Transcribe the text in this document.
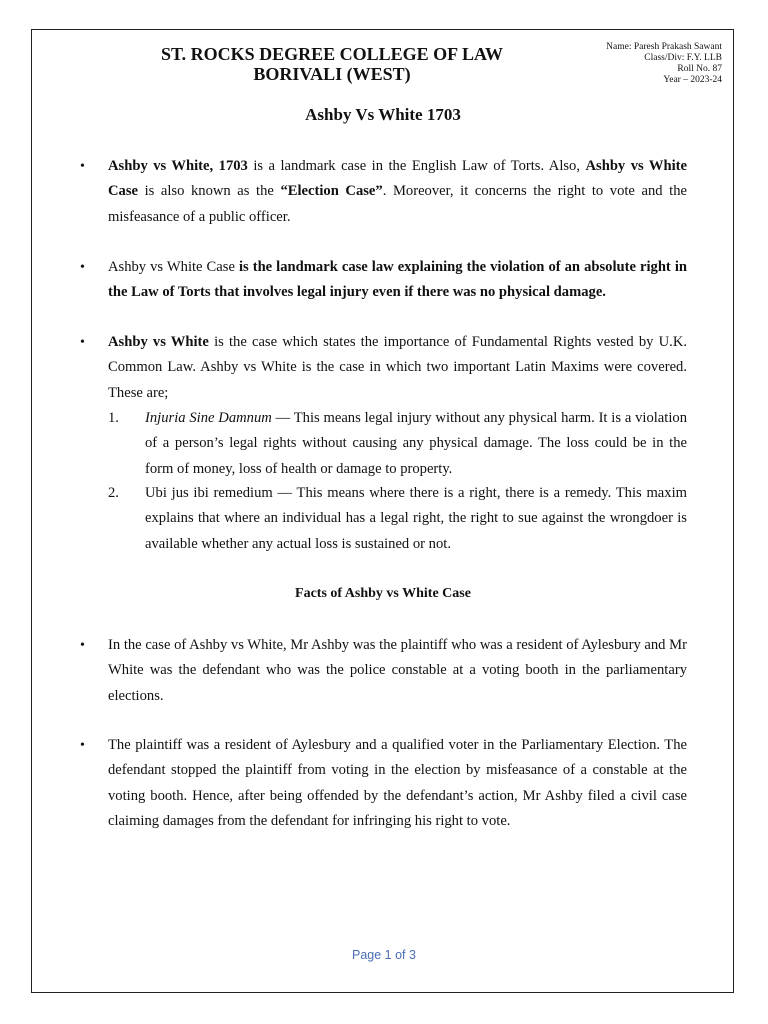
ST. ROCKS DEGREE COLLEGE OF LAW
BORIVALI (WEST)
Name: Paresh Prakash Sawant
Class/Div: F.Y. LLB
Roll No. 87
Year – 2023-24
Ashby Vs White 1703
• Ashby vs White, 1703 is a landmark case in the English Law of Torts. Also, Ashby vs White Case is also known as the “Election Case”. Moreover, it concerns the right to vote and the misfeasance of a public officer.
• Ashby vs White Case is the landmark case law explaining the violation of an absolute right in the Law of Torts that involves legal injury even if there was no physical damage.
• Ashby vs White is the case which states the importance of Fundamental Rights vested by U.K. Common Law. Ashby vs White is the case in which two important Latin Maxims were covered. These are;
1. Injuria Sine Damnum — This means legal injury without any physical harm. It is a violation of a person’s legal rights without causing any physical damage. The loss could be in the form of money, loss of health or damage to property.
2. Ubi jus ibi remedium — This means where there is a right, there is a remedy. This maxim explains that where an individual has a legal right, the right to sue against the wrongdoer is available whether any actual loss is sustained or not.
Facts of Ashby vs White Case
• In the case of Ashby vs White, Mr Ashby was the plaintiff who was a resident of Aylesbury and Mr White was the defendant who was the police constable at a voting booth in the parliamentary elections.
• The plaintiff was a resident of Aylesbury and a qualified voter in the Parliamentary Election. The defendant stopped the plaintiff from voting in the election by misfeasance of a constable at the voting booth. Hence, after being offended by the defendant’s action, Mr Ashby filed a civil case claiming damages from the defendant for infringing his right to vote.
Page 1 of 3
